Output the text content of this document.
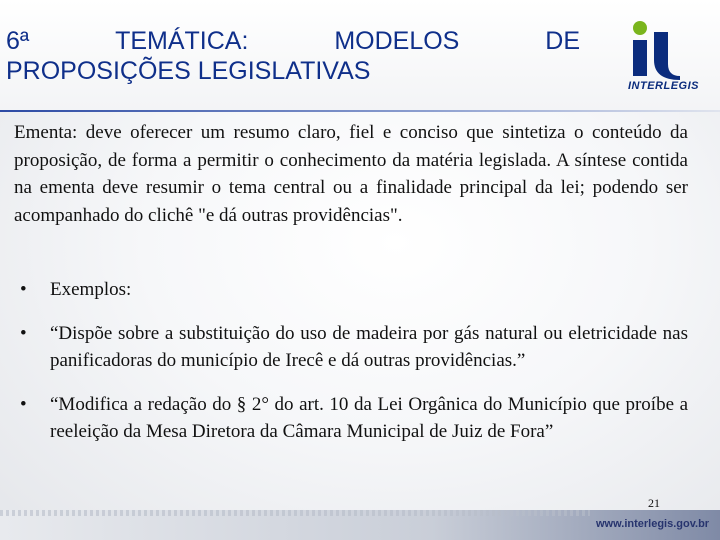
6ª	TEMÁTICA:	MODELOS	DE
PROPOSIÇÕES LEGISLATIVAS
INTERLEGIS
Ementa: deve oferecer um resumo claro, fiel e conciso que sintetiza o conteúdo da proposição, de forma a permitir o conhecimento da matéria legislada. A síntese contida na ementa deve resumir o tema central ou a finalidade principal da lei; podendo ser acompanhado do clichê "e dá outras providências".
• Exemplos:
• “Dispõe sobre a substituição do uso de madeira por gás natural ou eletricidade nas panificadoras do município de Irecê e dá outras providências.”
• “Modifica a redação do § 2° do art. 10 da Lei Orgânica do Município que proíbe a reeleição da Mesa Diretora da Câmara Municipal de Juiz de Fora”
21
www.interlegis.gov.br
